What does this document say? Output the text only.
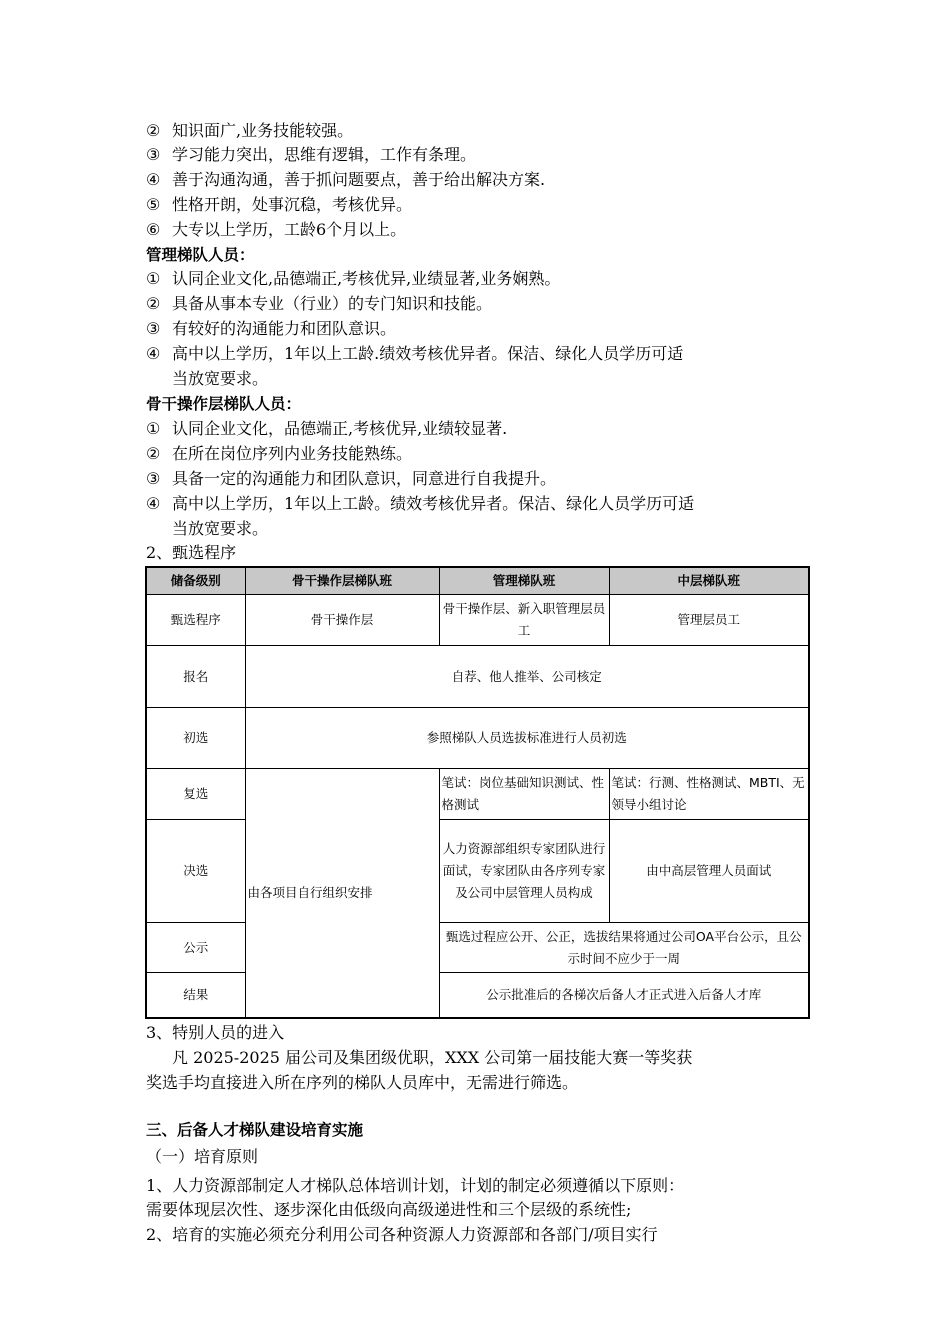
② 知识面广,业务技能较强。
③ 学习能力突出，思维有逻辑，工作有条理。
④ 善于沟通沟通，善于抓问题要点，善于给出解决方案.
⑤ 性格开朗，处事沉稳，考核优异。
⑥ 大专以上学历，工龄6个月以上。
管理梯队人员：
① 认同企业文化,品德端正,考核优异,业绩显著,业务娴熟。
② 具备从事本专业（行业）的专门知识和技能。
③ 有较好的沟通能力和团队意识。
④ 高中以上学历，1年以上工龄.绩效考核优异者。保洁、绿化人员学历可适
当放宽要求。
骨干操作层梯队人员：
① 认同企业文化，品德端正,考核优异,业绩较显著.
② 在所在岗位序列内业务技能熟练。
③ 具备一定的沟通能力和团队意识，同意进行自我提升。
④ 高中以上学历，1年以上工龄。绩效考核优异者。保洁、绿化人员学历可适
当放宽要求。
2、甄选程序
储备级别	骨干操作层梯队班	管理梯队班	中层梯队班
甄选程序	骨干操作层	骨干操作层、新入职管理层员工	管理层员工
报名	自荐、他人推举、公司核定		
初选	参照梯队人员选拔标准进行人员初选		
复选	由各项目自行组织安排	笔试：岗位基础知识测试、性格测试	笔试：行测、性格测试、MBTI、无领导小组讨论
决选		人力资源部组织专家团队进行面试，专家团队由各序列专家及公司中层管理人员构成	由中高层管理人员面试
公示		甄选过程应公开、公正，选拔结果将通过公司OA平台公示，且公示时间不应少于一周	
结果		公示批准后的各梯次后备人才正式进入后备人才库	
3、特别人员的进入
凡 2025-2025 届公司及集团级优职，XXX 公司第一届技能大赛一等奖获
奖选手均直接进入所在序列的梯队人员库中，无需进行筛选。
三、后备人才梯队建设培育实施
（一）培育原则
1、人力资源部制定人才梯队总体培训计划，计划的制定必须遵循以下原则：
需要体现层次性、逐步深化由低级向高级递进性和三个层级的系统性;
2、培育的实施必须充分利用公司各种资源人力资源部和各部门/项目实行
